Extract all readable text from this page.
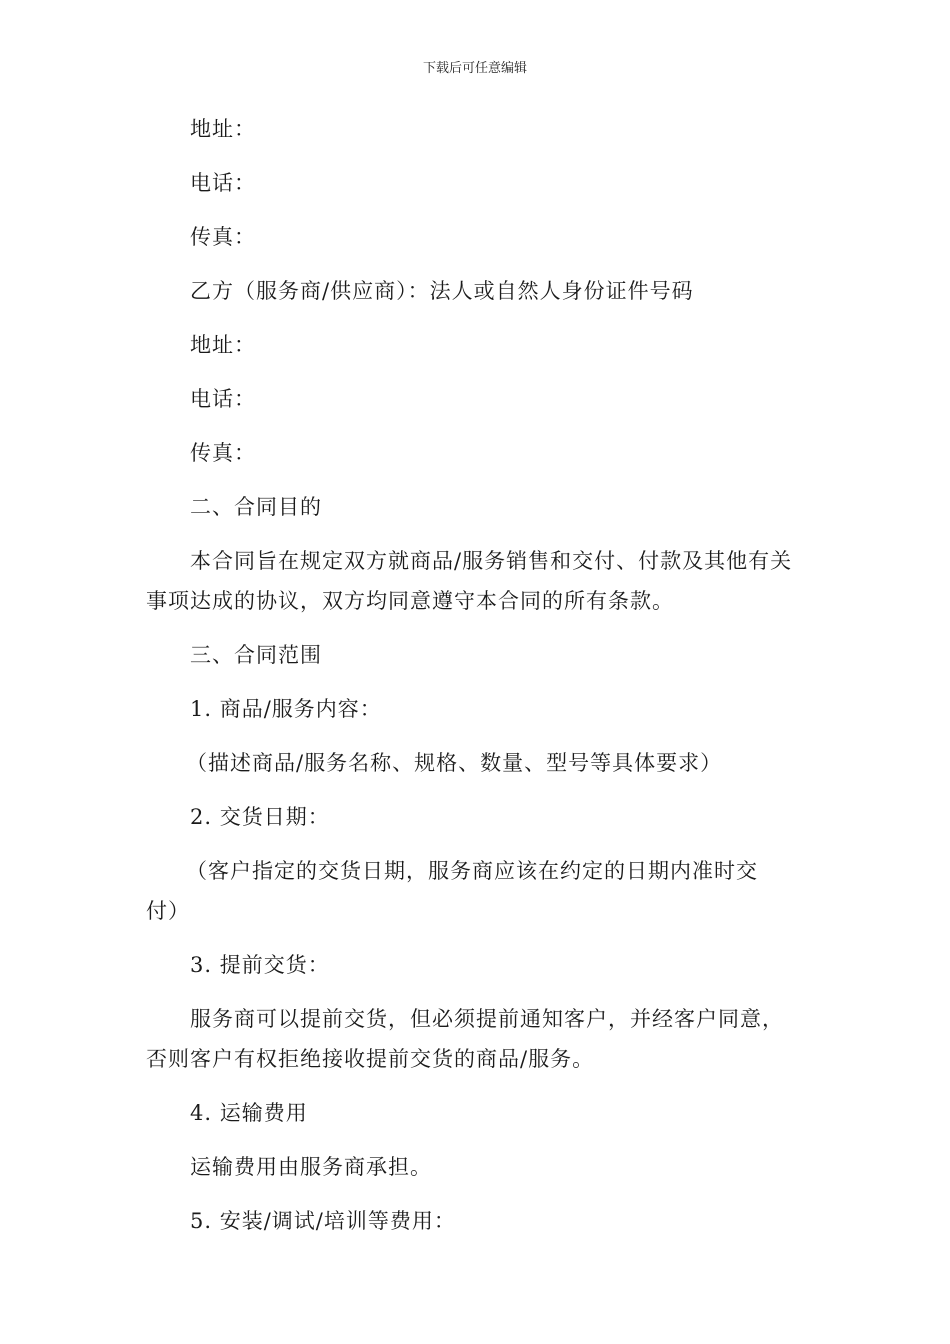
下载后可任意编辑
地址：
电话：
传真：
乙方（服务商/供应商）：法人或自然人身份证件号码
地址：
电话：
传真：
二、合同目的
本合同旨在规定双方就商品/服务销售和交付、付款及其他有关
事项达成的协议，双方均同意遵守本合同的所有条款。
三、合同范围
1. 商品/服务内容：
（描述商品/服务名称、规格、数量、型号等具体要求）
2. 交货日期：
（客户指定的交货日期，服务商应该在约定的日期内准时交
付）
3. 提前交货：
服务商可以提前交货，但必须提前通知客户，并经客户同意，
否则客户有权拒绝接收提前交货的商品/服务。
4. 运输费用
运输费用由服务商承担。
5. 安装/调试/培训等费用：
